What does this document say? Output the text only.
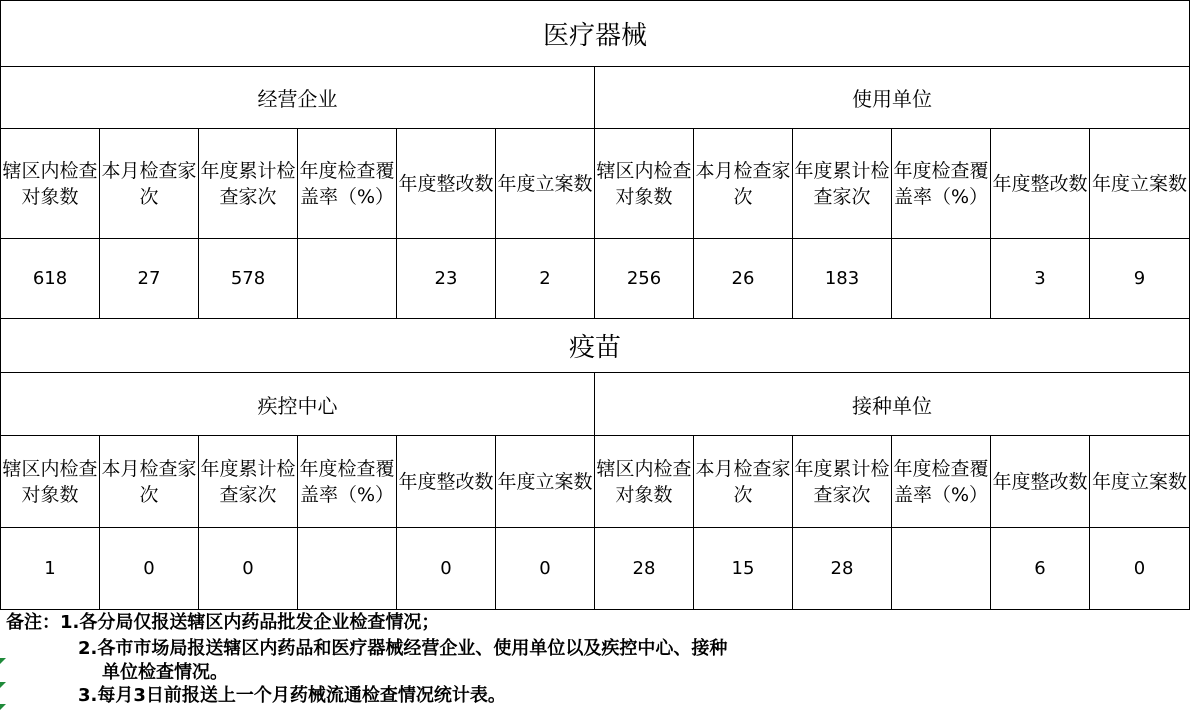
医疗器械											
经营企业						使用单位					
辖区内检查对象数	本月检查家次	年度累计检查家次	年度检查覆盖率（%）	年度整改数	年度立案数	辖区内检查对象数	本月检查家次	年度累计检查家次	年度检查覆盖率（%）	年度整改数	年度立案数
618	27	578		23	2	256	26	183		3	9
疫苗											
疾控中心						接种单位					
辖区内检查对象数	本月检查家次	年度累计检查家次	年度检查覆盖率（%）	年度整改数	年度立案数	辖区内检查对象数	本月检查家次	年度累计检查家次	年度检查覆盖率（%）	年度整改数	年度立案数
1	0	0		0	0	28	15	28		6	0
备注：1.各分局仅报送辖区内药品批发企业检查情况；
2.各市市场局报送辖区内药品和医疗器械经营企业、使用单位以及疾控中心、接种
单位检查情况。
3.每月3日前报送上一个月药械流通检查情况统计表。
